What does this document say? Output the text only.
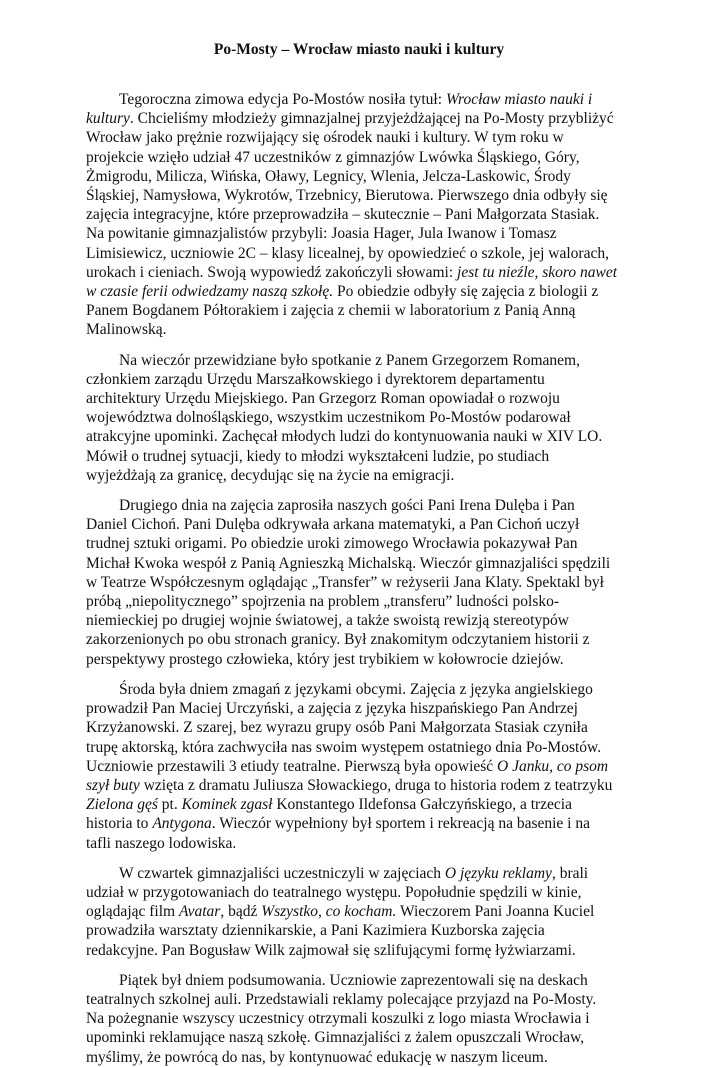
Po-Mosty – Wrocław miasto nauki i kultury

Tegoroczna zimowa edycja Po-Mostów nosiła tytuł: Wrocław miasto nauki i kultury. Chcieliśmy młodzieży gimnazjalnej przyjeżdżającej na Po-Mosty przybliżyć Wrocław jako prężnie rozwijający się ośrodek nauki i kultury. W tym roku w projekcie wzięło udział 47 uczestników z gimnazjów Lwówka Śląskiego, Góry, Żmigrodu, Milicza, Wińska, Oławy, Legnicy, Wlenia, Jelcza-Laskowic, Środy Śląskiej, Namysłowa, Wykrotów, Trzebnicy, Bierutowa. Pierwszego dnia odbyły się zajęcia integracyjne, które przeprowadziła – skutecznie – Pani Małgorzata Stasiak. Na powitanie gimnazjalistów przybyli: Joasia Hager, Jula Iwanow i Tomasz Limisiewicz, uczniowie 2C – klasy licealnej, by opowiedzieć o szkole, jej walorach, urokach i cieniach. Swoją wypowiedź zakończyli słowami: jest tu nieźle, skoro nawet w czasie ferii odwiedzamy naszą szkołę. Po obiedzie odbyły się zajęcia z biologii z Panem Bogdanem Półtorakiem i zajęcia z chemii w laboratorium z Panią Anną Malinowską.

Na wieczór przewidziane było spotkanie z Panem Grzegorzem Romanem, członkiem zarządu Urzędu Marszałkowskiego i dyrektorem departamentu architektury Urzędu Miejskiego. Pan Grzegorz Roman opowiadał o rozwoju województwa dolnośląskiego, wszystkim uczestnikom Po-Mostów podarował atrakcyjne upominki. Zachęcał młodych ludzi do kontynuowania nauki w XIV LO. Mówił o trudnej sytuacji, kiedy to młodzi wykształceni ludzie, po studiach wyjeżdżają za granicę, decydując się na życie na emigracji.

Drugiego dnia na zajęcia zaprosiła naszych gości Pani Irena Dulęba i Pan Daniel Cichoń. Pani Dulęba odkrywała arkana matematyki, a Pan Cichoń uczył trudnej sztuki origami. Po obiedzie uroki zimowego Wrocławia pokazywał Pan Michał Kwoka wespół z Panią Agnieszką Michalską. Wieczór gimnazjaliści spędzili w Teatrze Współczesnym oglądając „Transfer” w reżyserii Jana Klaty. Spektakl był próbą „niepolitycznego” spojrzenia na problem „transferu” ludności polsko-niemieckiej po drugiej wojnie światowej, a także swoistą rewizją stereotypów zakorzenionych po obu stronach granicy. Był znakomitym odczytaniem historii z perspektywy prostego człowieka, który jest trybikiem w kołowrocie dziejów.

Środa była dniem zmagań z językami obcymi. Zajęcia z języka angielskiego prowadził Pan Maciej Urczyński, a zajęcia z języka hiszpańskiego Pan Andrzej Krzyżanowski. Z szarej, bez wyrazu grupy osób Pani Małgorzata Stasiak czyniła trupę aktorską, która zachwyciła nas swoim występem ostatniego dnia Po-Mostów. Uczniowie przestawili 3 etiudy teatralne. Pierwszą była opowieść O Janku, co psom szył buty wzięta z dramatu Juliusza Słowackiego, druga to historia rodem z teatrzyku Zielona gęś pt. Kominek zgasł Konstantego Ildefonsa Gałczyńskiego, a trzecia historia to Antygona. Wieczór wypełniony był sportem i rekreacją na basenie i na tafli naszego lodowiska.

W czwartek gimnazjaliści uczestniczyli w zajęciach O języku reklamy, brali udział w przygotowaniach do teatralnego występu. Popołudnie spędzili w kinie, oglądając film Avatar, bądź Wszystko, co kocham. Wieczorem Pani Joanna Kuciel prowadziła warsztaty dziennikarskie, a Pani Kazimiera Kuzborska zajęcia redakcyjne. Pan Bogusław Wilk zajmował się szlifującymi formę łyżwiarzami.

Piątek był dniem podsumowania. Uczniowie zaprezentowali się na deskach teatralnych szkolnej auli. Przedstawiali reklamy polecające przyjazd na Po-Mosty. Na pożegnanie wszyscy uczestnicy otrzymali koszulki z logo miasta Wrocławia i upominki reklamujące naszą szkołę. Gimnazjaliści z żalem opuszczali Wrocław, myślimy, że powrócą do nas, by kontynuować edukację w naszym liceum.
